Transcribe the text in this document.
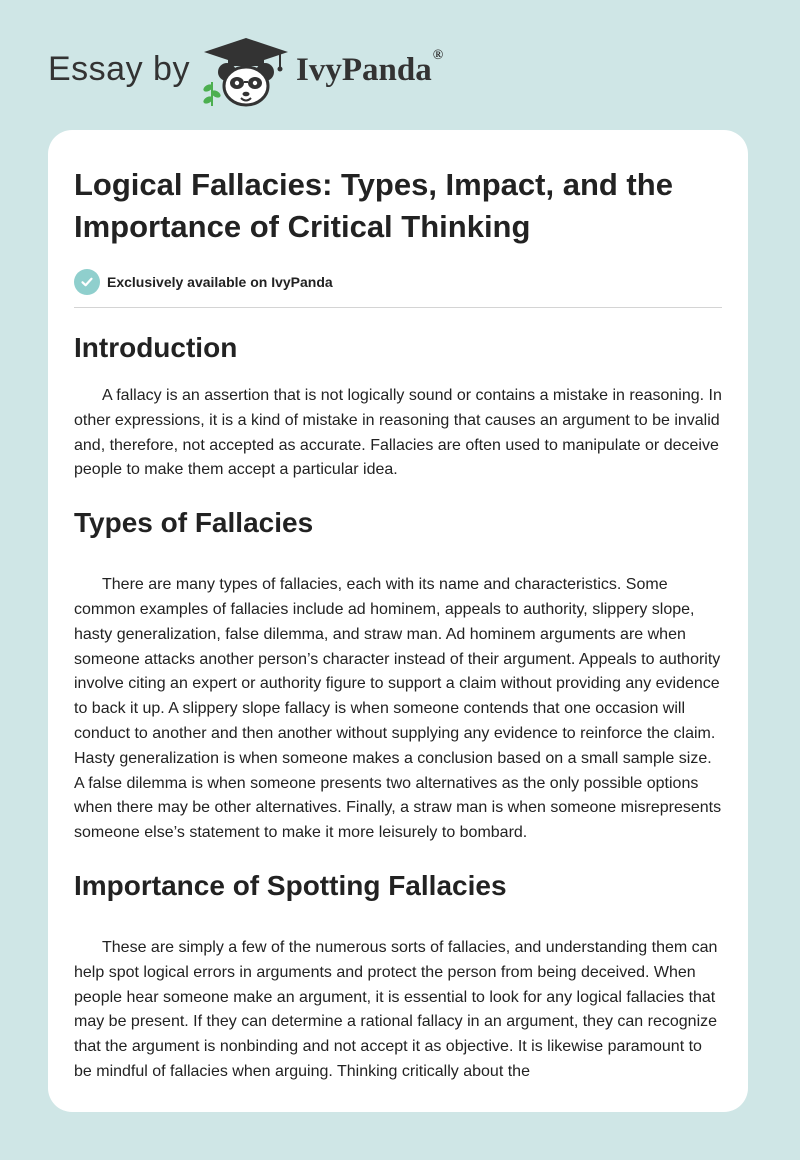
Essay by	IvyPanda®
Logical Fallacies: Types, Impact, and the Importance of Critical Thinking
Exclusively available on IvyPanda
Introduction

A fallacy is an assertion that is not logically sound or contains a mistake in reasoning. In other expressions, it is a kind of mistake in reasoning that causes an argument to be invalid and, therefore, not accepted as accurate. Fallacies are often used to manipulate or deceive people to make them accept a particular idea.

Types of Fallacies

There are many types of fallacies, each with its name and characteristics. Some common examples of fallacies include ad hominem, appeals to authority, slippery slope, hasty generalization, false dilemma, and straw man. Ad hominem arguments are when someone attacks another person’s character instead of their argument. Appeals to authority involve citing an expert or authority figure to support a claim without providing any evidence to back it up. A slippery slope fallacy is when someone contends that one occasion will conduct to another and then another without supplying any evidence to reinforce the claim. Hasty generalization is when someone makes a conclusion based on a small sample size. A false dilemma is when someone presents two alternatives as the only possible options when there may be other alternatives. Finally, a straw man is when someone misrepresents someone else’s statement to make it more leisurely to bombard.

Importance of Spotting Fallacies

These are simply a few of the numerous sorts of fallacies, and understanding them can help spot logical errors in arguments and protect the person from being deceived. When people hear someone make an argument, it is essential to look for any logical fallacies that may be present. If they can determine a rational fallacy in an argument, they can recognize that the argument is nonbinding and not accept it as objective. It is likewise paramount to be mindful of fallacies when arguing. Thinking critically about the
